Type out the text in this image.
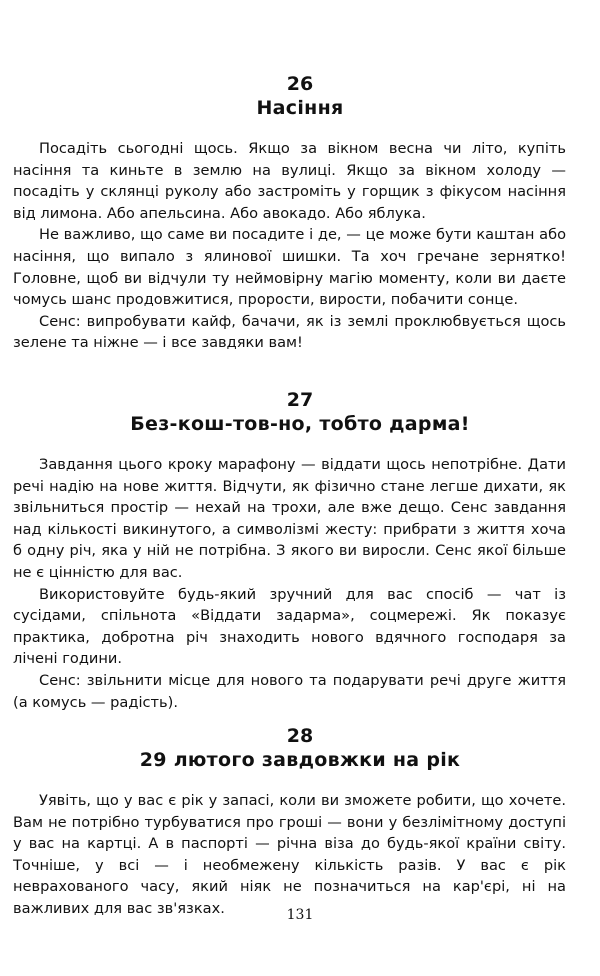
26

Насіння

Посадіть сьогодні щось. Якщо за вікном весна чи літо, купіть насіння та киньте в землю на вулиці. Якщо за вікном холоду — посадіть у склянці руколу або застроміть у горщик з фікусом насіння від лимона. Або апельсина. Або авокадо. Або яблука.

Не важливо, що саме ви посадите і де, — це може бути каштан або насіння, що випало з ялинової шишки. Та хоч гречане зернятко! Головне, щоб ви відчули ту неймовірну магію моменту, коли ви даєте чомусь шанс продовжитися, прорости, вирости, побачити сонце.

Сенс: випробувати кайф, бачачи, як із землі проклюбвується щось зелене та ніжне — і все завдяки вам!

27

Без-кош-тов-но, тобто дарма!

Завдання цього кроку марафону — віддати щось непотрібне. Дати речі надію на нове життя. Відчути, як фізично стане легше дихати, як звільниться простір — нехай на трохи, але вже дещо. Сенс завдання над кількості викинутого, а символізмі жесту: прибрати з життя хоча б одну річ, яка у ній не потрібна. З якого ви виросли. Сенс якої більше не є цінністю для вас.

Використовуйте будь-який зручний для вас спосіб — чат із сусідами, спільнота «Віддати задарма», соцмережі. Як показує практика, добротна річ знаходить нового вдячного господаря за лічені години.

Сенс: звільнити місце для нового та подарувати речі друге життя (а комусь — радість).

28

29 лютого завдовжки на рік

Уявіть, що у вас є рік у запасі, коли ви зможете робити, що хочете. Вам не потрібно турбуватися про гроші — вони у безлімітному доступі у вас на картці. А в паспорті — річна віза до будь-якої країни світу. Точніше, у всі — і необмежену кількість разів. У вас є рік неврахованого часу, який ніяк не позначиться на кар'єрі, ні на важливих для вас зв'язках.	131
